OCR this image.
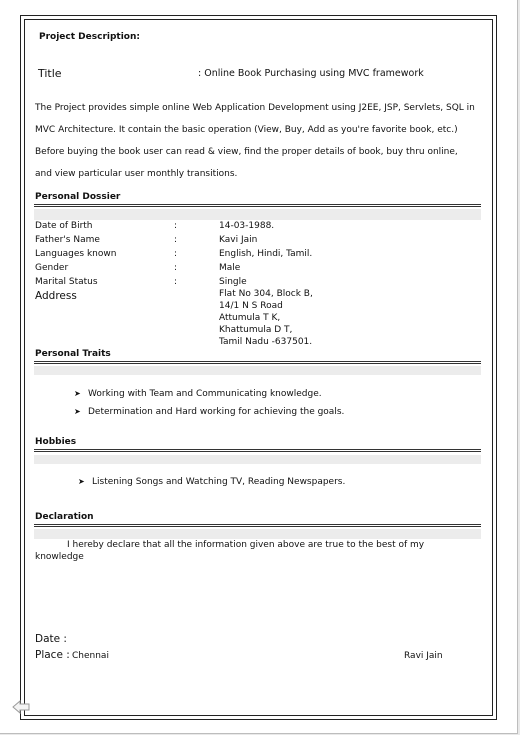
Project Description:
Title	: Online Book Purchasing using MVC framework
The Project provides simple online Web Application Development using J2EE, JSP, Servlets, SQL in MVC Architecture. It contain the basic operation (View, Buy, Add as you're favorite book, etc.) Before buying the book user can read & view, find the proper details of book, buy thru online, and view particular user monthly transitions.
Personal Dossier
Date of Birth	:	14-03-1988.
Father's Name	:	Kavi Jain
Languages known	:	English, Hindi, Tamil.
Gender	:	Male
Marital Status	:	Single
Address	Flat No 304, Block B,
14/1 N S Road
Attumula T K,
Khattumula D T,
Tamil Nadu -637501.
Personal Traits
➤ Working with Team and Communicating knowledge.
➤ Determination and Hard working for achieving the goals.
Hobbies
➤ Listening Songs and Watching TV, Reading Newspapers.
Declaration
I hereby declare that all the information given above are true to the best of my
knowledge
Date :
Place : Chennai	Ravi Jain
